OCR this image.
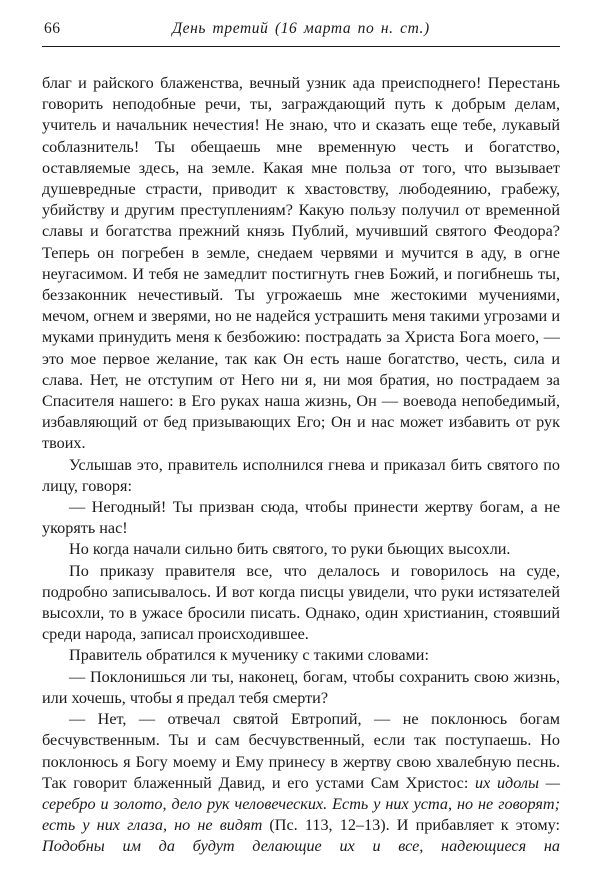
66	День третий (16 марта по н. ст.)

благ и райского блаженства, вечный узник ада преисподнего! Перестань говорить неподобные речи, ты, заграждающий путь к добрым делам, учитель и начальник нечестия! Не знаю, что и сказать еще тебе, лукавый соблазнитель! Ты обещаешь мне временную честь и богатство, оставляемые здесь, на земле. Какая мне польза от того, что вызывает душевредные страсти, приводит к хвастовству, любодеянию, грабежу, убийству и другим преступлениям? Какую пользу получил от временной славы и богатства прежний князь Публий, мучивший святого Феодора? Теперь он погребен в земле, снедаем червями и мучится в аду, в огне неугасимом. И тебя не замедлит постигнуть гнев Божий, и погибнешь ты, беззаконник нечестивый. Ты угрожаешь мне жестокими мучениями, мечом, огнем и зверями, но не надейся устрашить меня такими угрозами и муками принудить меня к безбожию: пострадать за Христа Бога моего, — это мое первое желание, так как Он есть наше богатство, честь, сила и слава. Нет, не отступим от Него ни я, ни моя братия, но пострадаем за Спасителя нашего: в Его руках наша жизнь, Он — воевода непобедимый, избавляющий от бед призывающих Его; Он и нас может избавить от рук твоих.

Услышав это, правитель исполнился гнева и приказал бить святого по лицу, говоря:

— Негодный! Ты призван сюда, чтобы принести жертву богам, а не укорять нас!

Но когда начали сильно бить святого, то руки бьющих высохли.

По приказу правителя все, что делалось и говорилось на суде, подробно записывалось. И вот когда писцы увидели, что руки истязателей высохли, то в ужасе бросили писать. Однако, один христианин, стоявший среди народа, записал происходившее.

Правитель обратился к мученику с такими словами:

— Поклонишься ли ты, наконец, богам, чтобы сохранить свою жизнь, или хочешь, чтобы я предал тебя смерти?

— Нет, — отвечал святой Евтропий, — не поклонюсь богам бесчувственным. Ты и сам бесчувственный, если так поступаешь. Но поклонюсь я Богу моему и Ему принесу в жертву свою хвалебную песнь. Так говорит блаженный Давид, и его устами Сам Христос: их идолы — серебро и золото, дело рук человеческих. Есть у них уста, но не говорят; есть у них глаза, но не видят (Пс. 113, 12–13). И прибавляет к этому: Подобны им да будут делающие их и все, надеющиеся на
